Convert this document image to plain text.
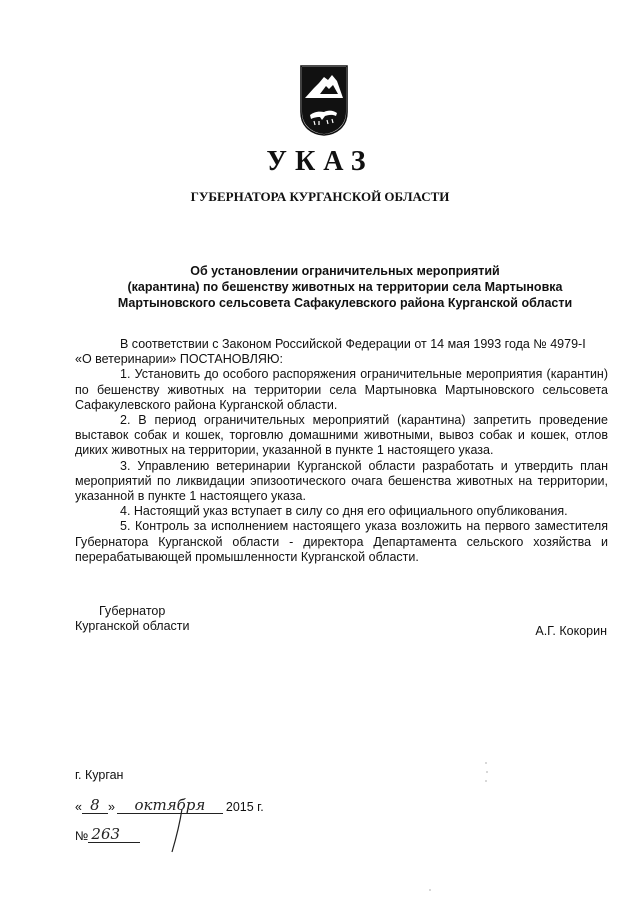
УКАЗ
ГУБЕРНАТОРА КУРГАНСКОЙ ОБЛАСТИ
Об установлении ограничительных мероприятий
(карантина) по бешенству животных на территории села Мартыновка
Мартыновского сельсовета Сафакулевского района Курганской области

В соответствии с Законом Российской Федерации от 14 мая 1993 года № 4979-I

«О ветеринарии» ПОСТАНОВЛЯЮ:

1. Установить до особого распоряжения ограничительные мероприятия (карантин) по бешенству животных на территории села Мартыновка Мартыновского сельсовета Сафакулевского района Курганской области.

2. В период ограничительных мероприятий (карантина) запретить проведение выставок собак и кошек, торговлю домашними животными, вывоз собак и кошек, отлов диких животных на территории, указанной в пункте 1 настоящего указа.

3. Управлению ветеринарии Курганской области разработать и утвердить план мероприятий по ликвидации эпизоотического очага бешенства животных на территории, указанной в пункте 1 настоящего указа.

4. Настоящий указ вступает в силу со дня его официального опубликования.

5. Контроль за исполнением настоящего указа возложить на первого заместителя Губернатора Курганской области - директора Департамента сельского хозяйства и перерабатывающей промышленности Курганской области.

Губернатор
Курганской области	А.Г. Кокорин
г. Курган
« 8 »	октября	2015 г.
№ 263
